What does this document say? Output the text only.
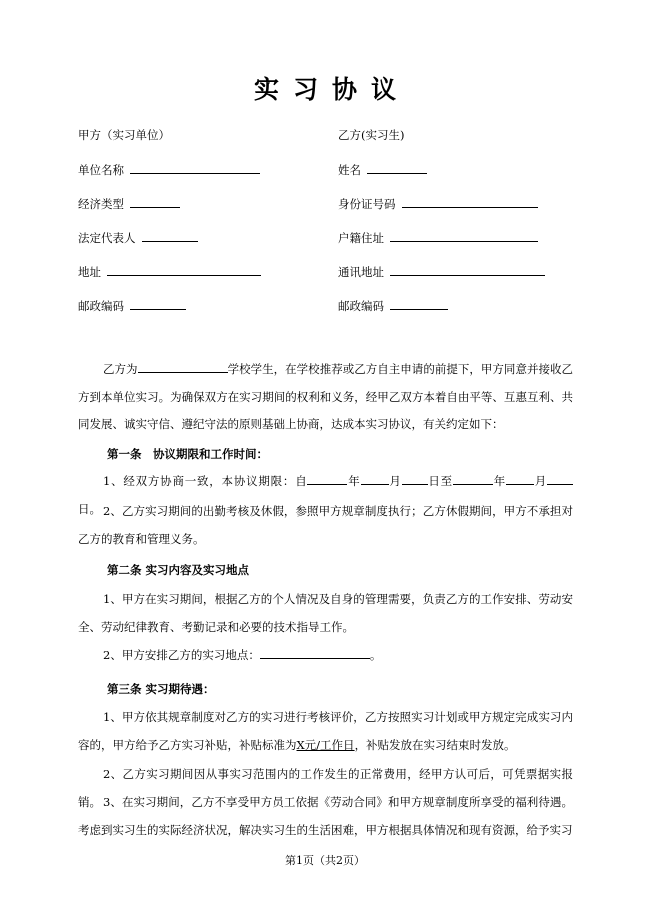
实习协议
甲方（实习单位）	乙方(实习生)
单位名称	姓名
经济类型	身份证号码
法定代表人	户籍住址
地址	通讯地址
邮政编码	邮政编码
乙方为	学校学生，在学校推荐或乙方自主申请的前提下，甲方同意并接收乙方到本单位实习。为确保双方在实习期间的权利和义务，经甲乙双方本着自由平等、互惠互利、共同发展、诚实守信、遵纪守法的原则基础上协商，达成本实习协议，有关约定如下：
第一条　协议期限和工作时间：
1、经双方协商一致，本协议期限：自	年 月 日至	年 月日。 2、乙方实习期间的出勤考核及休假，参照甲方规章制度执行；乙方休假期间，甲方不承担对乙方的教育和管理义务。
第二条 实习内容及实习地点
1、甲方在实习期间，根据乙方的个人情况及自身的管理需要，负责乙方的工作安排、劳动安全、劳动纪律教育、考勤记录和必要的技术指导工作。
2、甲方安排乙方的实习地点：	。
第三条 实习期待遇：
1、甲方依其规章制度对乙方的实习进行考核评价，乙方按照实习计划或甲方规定完成实习内容的，甲方给予乙方实习补贴，补贴标准为X元/工作日，补贴发放在实习结束时发放。
2、乙方实习期间因从事实习范围内的工作发生的正常费用，经甲方认可后，可凭票据实报销。 3、在实习期间，乙方不享受甲方员工依据《劳动合同》和甲方规章制度所享受的福利待遇。考虑到实习生的实际经济状况，解决实习生的生活困难，甲方根据具体情况和现有资源，给予实习
第1页（共2页）
